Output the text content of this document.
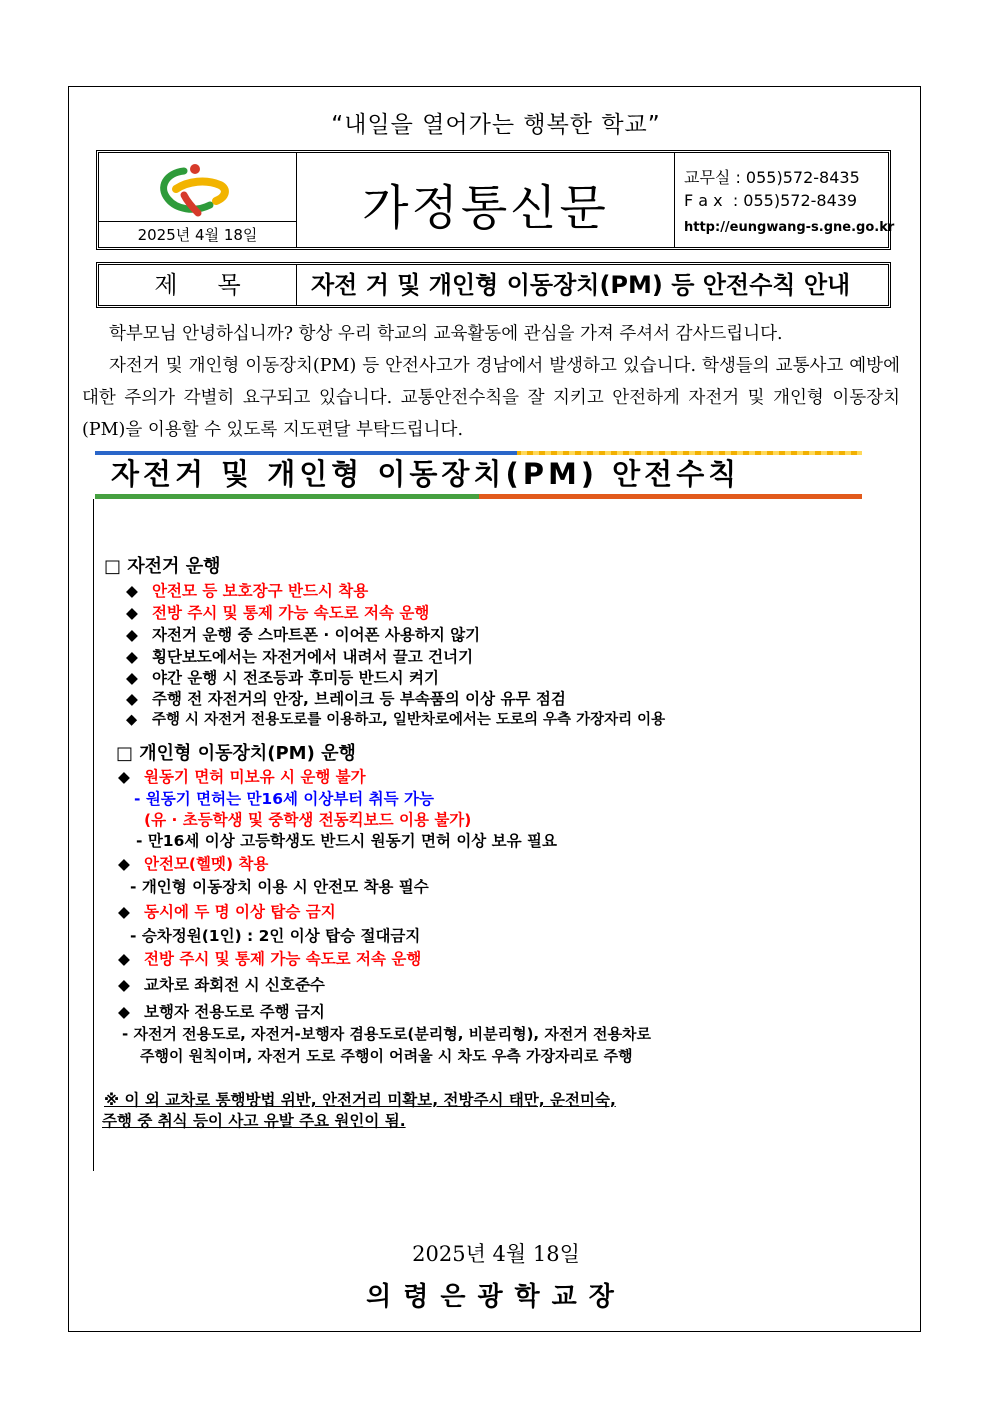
“내일을 열어가는 행복한 학교”
2025년 4월 18일	가정통신문
교무실 : 055)572-8435
F a x  : 055)572-8439
http://eungwang-s.gne.go.kr
제목	자전 거 및 개인형 이동장치(PM) 등 안전수칙 안내

학부모님 안녕하십니까? 항상 우리 학교의 교육활동에 관심을 가져 주셔서 감사드립니다.

자전거 및 개인형 이동장치(PM) 등 안전사고가 경남에서 발생하고 있습니다. 학생들의 교통사고 예방에 대한 주의가 각별히 요구되고 있습니다. 교통안전수칙을 잘 지키고 안전하게 자전거 및 개인형 이동장치(PM)을 이용할 수 있도록 지도편달 부탁드립니다.

자전거 및 개인형 이동장치(PM) 안전수칙
□ 자전거 운행
◆ 안전모 등 보호장구 반드시 착용
◆ 전방 주시 및 통제 가능 속도로 저속 운행
◆ 자전거 운행 중 스마트폰 · 이어폰 사용하지 않기
◆ 횡단보도에서는 자전거에서 내려서 끌고 건너기
◆ 야간 운행 시 전조등과 후미등 반드시 켜기
◆ 주행 전 자전거의 안장, 브레이크 등 부속품의 이상 유무 점검
◆ 주행 시 자전거 전용도로를 이용하고, 일반차로에서는 도로의 우측 가장자리 이용
□ 개인형 이동장치(PM) 운행
◆ 원동기 면허 미보유 시 운행 불가
- 원동기 면허는 만16세 이상부터 취득 가능
(유 · 초등학생 및 중학생 전동킥보드 이용 불가)
- 만16세 이상 고등학생도 반드시 원동기 면허 이상 보유 필요
◆ 안전모(헬멧) 착용
- 개인형 이동장치 이용 시 안전모 착용 필수
◆ 동시에 두 명 이상 탑승 금지
- 승차정원(1인) : 2인 이상 탑승 절대금지
◆ 전방 주시 및 통제 가능 속도로 저속 운행
◆ 교차로 좌회전 시 신호준수
◆ 보행자 전용도로 주행 금지
- 자전거 전용도로, 자전거-보행자 겸용도로(분리형, 비분리형), 자전거 전용차로
주행이 원칙이며, 자전거 도로 주행이 어려울 시 차도 우측 가장자리로 주행
※ 이 외 교차로 통행방법 위반, 안전거리 미확보, 전방주시 태만, 운전미숙,
주행 중 취식 등이 사고 유발 주요 원인이 됨.
2025년 4월 18일
의령은광학교장
